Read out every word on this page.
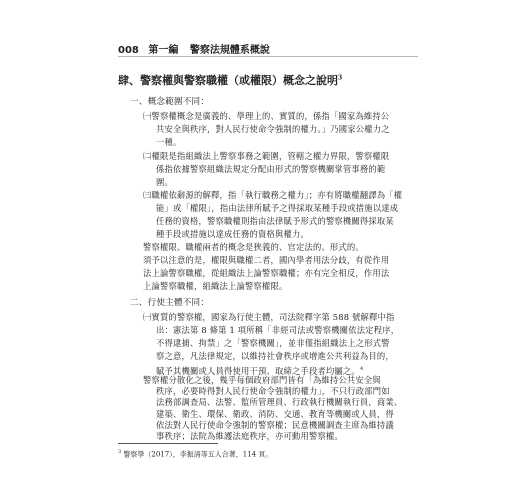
008 第一編 警察法規體系概說
肆、警察權與警察職權（或權限）概念之說明$^3$
一、概念範圍不同：
㈠警察權概念是廣義的、學理上的、實質的，係指「國家為維持公
共安全與秩序，對人民行使命令強制的權力。」乃國家公權力之
一種。
㈡權限是指組織法上警察事務之範圍，管轄之權力界限，警察權限
係指依據警察組織法規定分配由形式的警察機關掌管事務的範
圍。
㈢職權依辭源的解釋，指「執行職務之權力」；亦有將職權翻譯為「權
能」或「權限」，指由法律所賦予之得採取某種手段或措施以達成
任務的資格，警察職權則指由法律賦予形式的警察機關得採取某
種手段或措施以達成任務的資格與權力。
警察權限、職權兩者的概念是狹義的、官定法的、形式的。
須予以注意的是，權限與職權二者，國內學者用法分歧，有從作用
法上論警察職權，從組織法上論警察職權；亦有完全相反，作用法
上論警察職權，組織法上論警察權限。
二、行使主體不同：
㈠實質的警察權，國家為行使主體，司法院釋字第 588 號解釋中指
出：憲法第 8 條第 1 項所稱「非經司法或警察機關依法定程序，
不得逮捕、拘禁」之「警察機關」，並非僅指組織法上之形式警
察之意，凡法律規定，以維持社會秩序或增進公共利益為目的，
賦予其機關或人員得使用干預、取締之手段者均屬之。$^4$
警察權分散化之後，幾乎每個政府部門皆有「為維持公共安全與
秩序，必要時得對人民行使命令強制的權力」，不只行政部門如
法務部調查局、法警、監所管理員、行政執行機關執行員，商業、
建築、衛生、環保、衛政、消防、交通、教育等機關或人員，得
依法對人民行使命令強制的警察權；民意機關調查主席為維持議
$^3$ 警察學（2017），李振清等五人合著，114 頁。
事秩序；法院為維護法庭秩序，亦可動用警察權。
